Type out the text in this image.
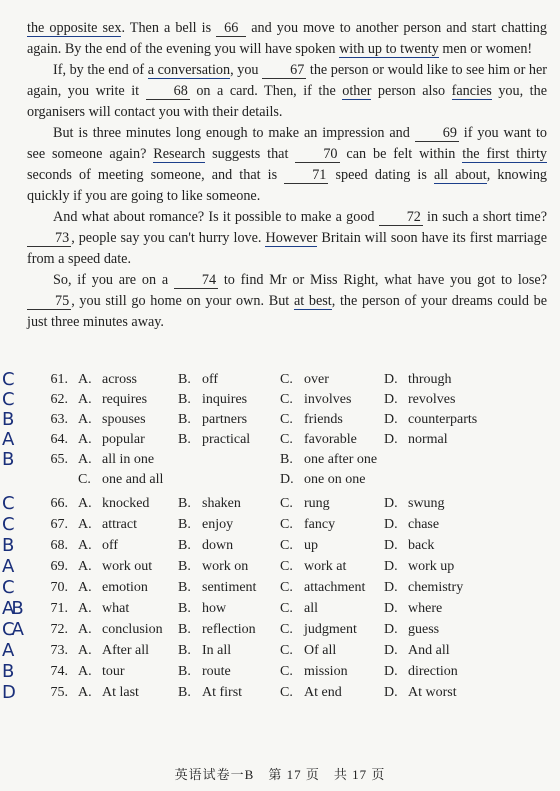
the opposite sex. Then a bell is 66 and you move to another person and start chatting again. By the end of the evening you will have spoken with up to twenty men or women!

If, by the end of a conversation, you 67 the person or would like to see him or her again, you write it 68 on a card. Then, if the other person also fancies you, the organisers will contact you with their details.

But is three minutes long enough to make an impression and 69 if you want to see someone again? Research suggests that 70 can be felt within the first thirty seconds of meeting someone, and that is 71 speed dating is all about, knowing quickly if you are going to like someone.

And what about romance? Is it possible to make a good 72 in such a short time? 73 , people say you can't hurry love. However Britain will soon have its first marriage from a speed date.

So, if you are on a 74 to find Mr or Miss Right, what have you got to lose? 75 , you still go home on your own. But at best, the person of your dreams could be just three minutes away.

C	61. A. across	B. off	C. over	D. through
C	62. A. requires B. inquires C. involves D. revolves
B	63. A. spouses B. partners C. friends	D. counterparts
A	64. A. popular B. practical C. favorable D. normal
B	65. A. all in one	B. one after one
C. one and all	D. one on one
C	66. A. knocked B. shaken	C. rung	D. swung
C	67. A. attract	B. enjoy	C. fancy	D. chase
B	68. A. off	B. down	C. up	D. back
A	69. A. work out B. work on C. work at	D. work up
C	70. A. emotion B. sentiment C. attachment D. chemistry
AB	71. A. what	B. how	C. all	D. where
CA	72. A. conclusion B. reflection C. judgment D. guess
A	73. A. After all B. In all	C. Of all	D. And all
B	74. A. tour	B. route	C. mission	D. direction
D	75. A. At last	B. At first	C. At end	D. At worst
英语试卷一B　第 17 页　共 17 页
